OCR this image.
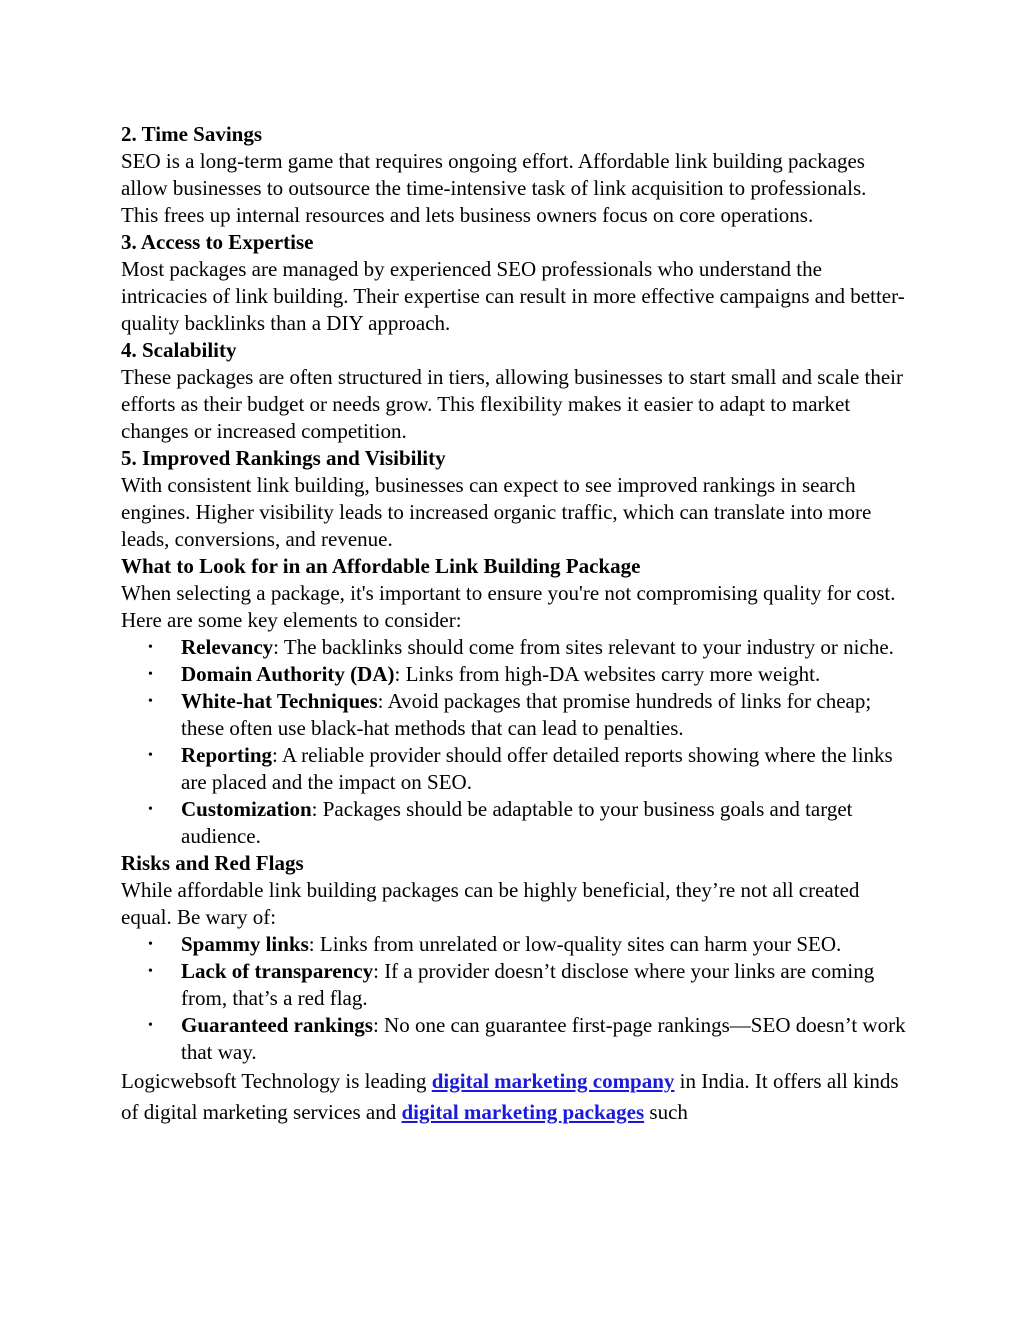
2. Time Savings

SEO is a long-term game that requires ongoing effort. Affordable link building packages allow businesses to outsource the time-intensive task of link acquisition to professionals. This frees up internal resources and lets business owners focus on core operations.

3. Access to Expertise

Most packages are managed by experienced SEO professionals who understand the intricacies of link building. Their expertise can result in more effective campaigns and better-quality backlinks than a DIY approach.

4. Scalability

These packages are often structured in tiers, allowing businesses to start small and scale their efforts as their budget or needs grow. This flexibility makes it easier to adapt to market changes or increased competition.

5. Improved Rankings and Visibility

With consistent link building, businesses can expect to see improved rankings in search engines. Higher visibility leads to increased organic traffic, which can translate into more leads, conversions, and revenue.

What to Look for in an Affordable Link Building Package

When selecting a package, it's important to ensure you're not compromising quality for cost. Here are some key elements to consider:

• Relevancy: The backlinks should come from sites relevant to your industry or niche.
• Domain Authority (DA): Links from high-DA websites carry more weight.
• White-hat Techniques: Avoid packages that promise hundreds of links for cheap; these often use black-hat methods that can lead to penalties.
• Reporting: A reliable provider should offer detailed reports showing where the links are placed and the impact on SEO.
• Customization: Packages should be adaptable to your business goals and target audience.

Risks and Red Flags

While affordable link building packages can be highly beneficial, they’re not all created equal. Be wary of:

• Spammy links: Links from unrelated or low-quality sites can harm your SEO.
• Lack of transparency: If a provider doesn’t disclose where your links are coming from, that’s a red flag.
• Guaranteed rankings: No one can guarantee first-page rankings—SEO doesn’t work that way.

Logicwebsoft Technology is leading digital marketing company in India. It offers all kinds of digital marketing services and digital marketing packages such
